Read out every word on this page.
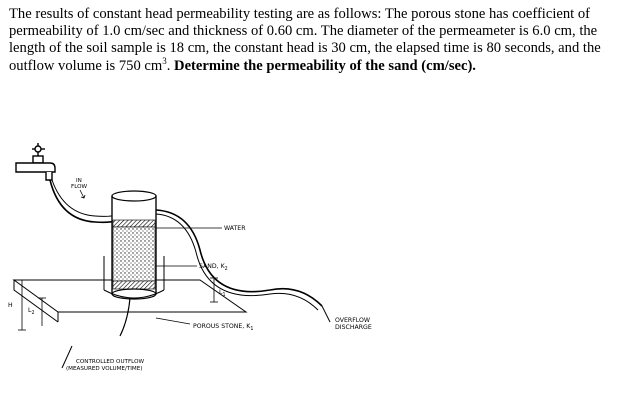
The results of constant head permeability testing are as follows: The porous stone has coefficient of permeability of 1.0 cm/sec and thickness of 0.60 cm. The diameter of the permeameter is 6.0 cm, the length of the soil sample is 18 cm, the constant head is 30 cm, the elapsed time is 80 seconds, and the outflow volume is 750 $cm^3$. Determine the permeability of the sand (cm/sec).
IN
FLOW
WATER
SAND, $K_2$
$L_1$
POROUS STONE, $K_1$
OVERFLOW
DISCHARGE
H
$L_2$
CONTROLLED OUTFLOW
(MEASURED VOLUME/TIME)
